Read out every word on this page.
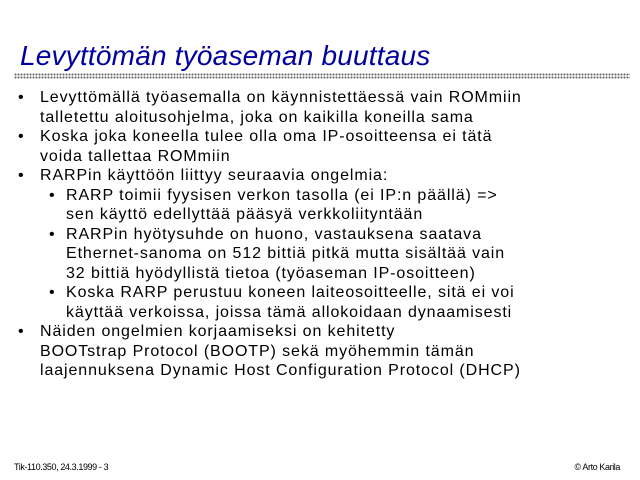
Levyttömän työaseman buuttaus
• Levyttömällä työasemalla on käynnistettäessä vain ROMmiin
talletettu aloitusohjelma, joka on kaikilla koneilla sama
• Koska joka koneella tulee olla oma IP-osoitteensa ei tätä
voida tallettaa ROMmiin
• RARPin käyttöön liittyy seuraavia ongelmia:
• RARP toimii fyysisen verkon tasolla (ei IP:n päällä) =>
sen käyttö edellyttää pääsyä verkkoliityntään
• RARPin hyötysuhde on huono, vastauksena saatava
Ethernet-sanoma on 512 bittiä pitkä mutta sisältää vain
32 bittiä hyödyllistä tietoa (työaseman IP-osoitteen)
• Koska RARP perustuu koneen laiteosoitteelle, sitä ei voi
käyttää verkoissa, joissa tämä allokoidaan dynaamisesti
• Näiden ongelmien korjaamiseksi on kehitetty
BOOTstrap Protocol (BOOTP) sekä myöhemmin tämän
laajennuksena Dynamic Host Configuration Protocol (DHCP)
Tik-110.350, 24.3.1999 - 3	© Arto Karila
